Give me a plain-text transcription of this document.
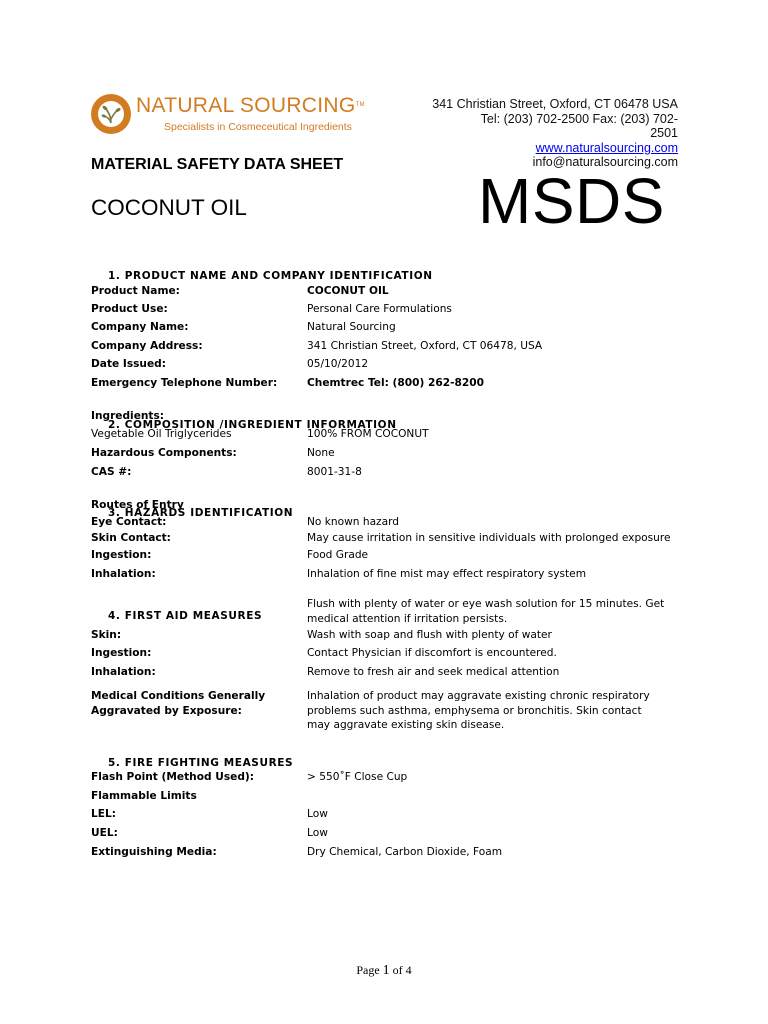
NATURAL SOURCING™
Specialists in Cosmeceutical Ingredients
341 Christian Street, Oxford, CT 06478 USA
Tel: (203) 702-2500 Fax: (203) 702-
2501
www.naturalsourcing.com info@naturalsourcing.com
MATERIAL SAFETY DATA SHEET
COCONUT OIL	MSDS
1. PRODUCT NAME AND COMPANY IDENTIFICATION
Product Name:	COCONUT OIL
Product Use:	Personal Care Formulations
Company Name:	Natural Sourcing
Company Address:	341 Christian Street, Oxford, CT 06478, USA
Date Issued:	05/10/2012
Emergency Telephone Number:	Chemtrec Tel: (800) 262-8200
Ingredients:
2. COMPOSITION /INGREDIENT INFORMATION
Vegetable Oil Triglycerides	100% FROM COCONUT
Hazardous Components:	None
CAS #:	8001-31-8
Routes of Entry
3. HAZARDS IDENTIFICATION
Eye Contact:	No known hazard
Skin Contact:	May cause irritation in sensitive individuals with prolonged exposure
Ingestion:	Food Grade
Inhalation:	Inhalation of fine mist may effect respiratory system
4. FIRST AID MEASURES
Flush with plenty of water or eye wash solution for 15 minutes. Get medical attention if irritation persists.
Skin:	Wash with soap and flush with plenty of water
Ingestion:	Contact Physician if discomfort is encountered.
Inhalation:	Remove to fresh air and seek medical attention
Medical Conditions Generally Aggravated by Exposure:
Inhalation of product may aggravate existing chronic respiratory problems such asthma, emphysema or bronchitis. Skin contact may aggravate existing skin disease.
5. FIRE FIGHTING MEASURES
Flash Point (Method Used):	> 550˚F Close Cup
Flammable Limits
LEL:	Low
UEL:	Low
Extinguishing Media:	Dry Chemical, Carbon Dioxide, Foam
Page 1 of 4
